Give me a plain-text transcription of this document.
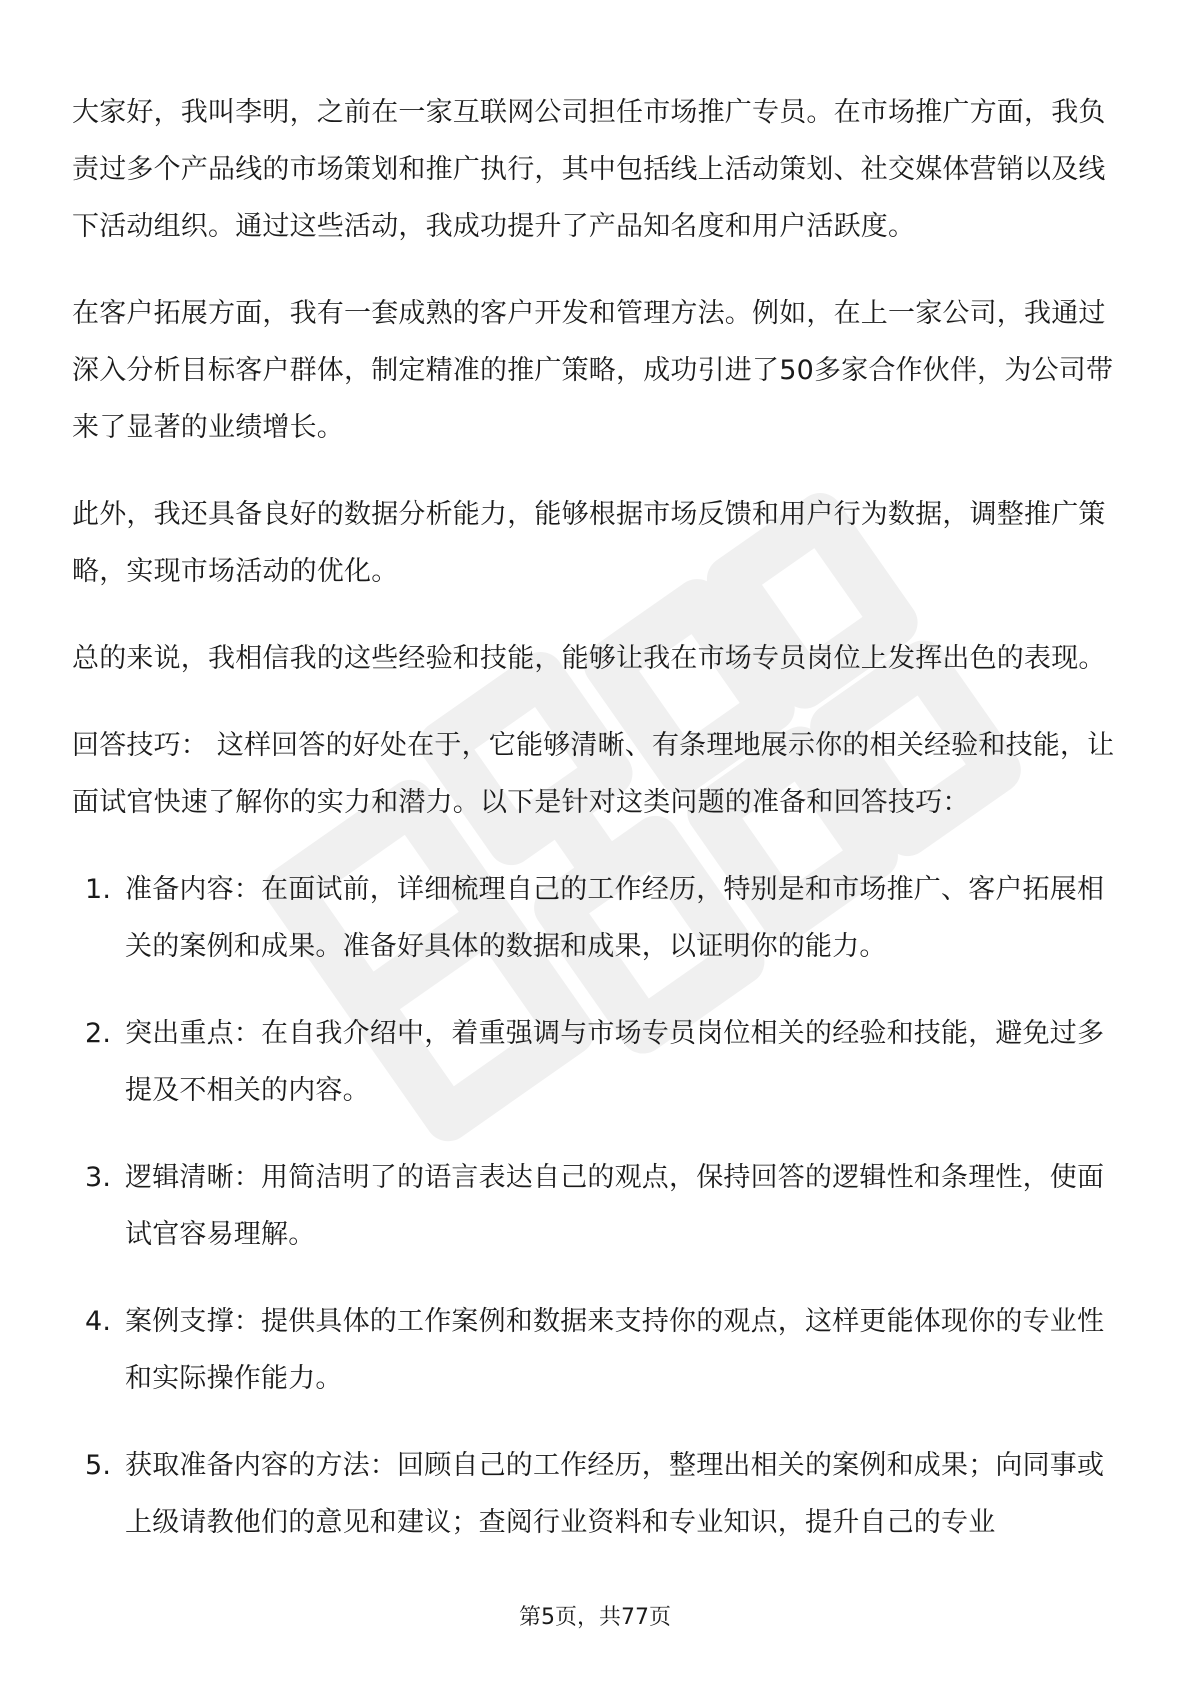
大家好，我叫李明，之前在一家互联网公司担任市场推广专员。在市场推广方面，我负责过多个产品线的市场策划和推广执行，其中包括线上活动策划、社交媒体营销以及线下活动组织。通过这些活动，我成功提升了产品知名度和用户活跃度。

在客户拓展方面，我有一套成熟的客户开发和管理方法。例如，在上一家公司，我通过深入分析目标客户群体，制定精准的推广策略，成功引进了50多家合作伙伴，为公司带来了显著的业绩增长。

此外，我还具备良好的数据分析能力，能够根据市场反馈和用户行为数据，调整推广策略，实现市场活动的优化。

总的来说，我相信我的这些经验和技能，能够让我在市场专员岗位上发挥出色的表现。

回答技巧： 这样回答的好处在于，它能够清晰、有条理地展示你的相关经验和技能，让面试官快速了解你的实力和潜力。以下是针对这类问题的准备和回答技巧：

1. 准备内容：在面试前，详细梳理自己的工作经历，特别是和市场推广、客户拓展相关的案例和成果。准备好具体的数据和成果，以证明你的能力。
2. 突出重点：在自我介绍中，着重强调与市场专员岗位相关的经验和技能，避免过多提及不相关的内容。
3. 逻辑清晰：用简洁明了的语言表达自己的观点，保持回答的逻辑性和条理性，使面试官容易理解。
4. 案例支撑：提供具体的工作案例和数据来支持你的观点，这样更能体现你的专业性和实际操作能力。
5. 获取准备内容的方法：回顾自己的工作经历，整理出相关的案例和成果；向同事或上级请教他们的意见和建议；查阅行业资料和专业知识，提升自己的专业
第5页，共77页
